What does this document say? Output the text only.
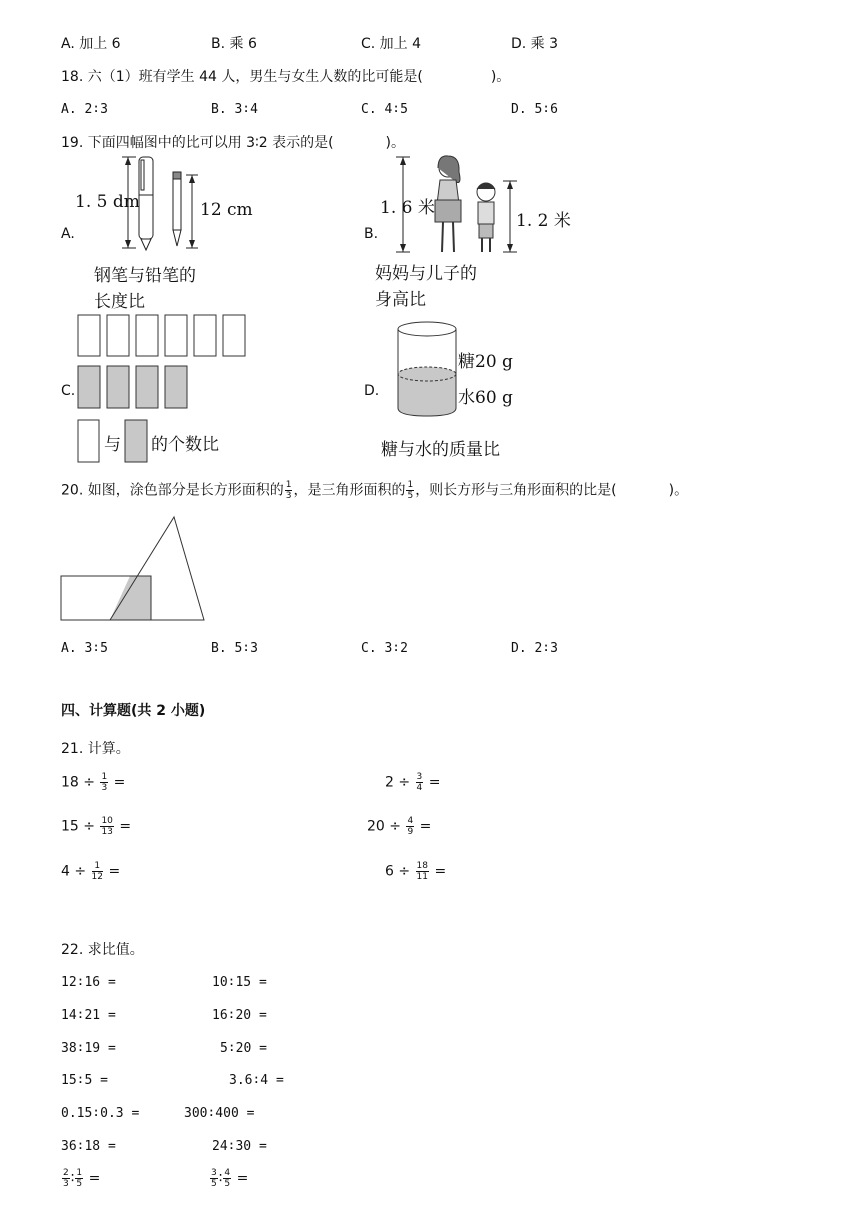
A. 加上 6	B. 乘 6	C. 加上 4	D. 乘 3
18. 六（1）班有学生 44 人，男生与女生人数的比可能是(	)。
A. 2∶3	B. 3∶4	C. 4∶5	D. 5∶6
19. 下面四幅图中的比可以用 3∶2 表示的是(	)。
A.
1. 5 dm	12 cm
钢笔与铅笔的
长度比
B.
1. 6 米
1. 2 米
妈妈与儿子的
身高比
C.
与 的个数比
D.
糖20 g
水60 g
糖与水的质量比
20. 如图，涂色部分是长方形面积的 $\frac{1}{3}$ ，是三角形面积的 $\frac{1}{5}$ ，则长方形与三角形面积的比是(	)。
A. 3∶5	B. 5∶3	C. 3∶2	D. 2∶3
四、计算题(共 2 小题)
21. 计算。
$18 \div \frac{1}{3}$ =	$2 \div \frac{3}{4}$ =
$15 \div \frac{10}{13}$ =	$20 \div \frac{4}{9}$ =
$4 \div \frac{1}{12}$ =	$6 \div \frac{18}{11}$ =
22. 求比值。
12∶16 =	10∶15 =
14∶21 =	16∶20 =
38∶19 =	5∶20 =
15∶5 =	3.6∶4 =
0.15∶0.3 =	300∶400 =
36∶18 =	24∶30 =
$\frac{2}{3}$ ∶ $\frac{1}{5}$ =	$\frac{3}{5}$ ∶ $\frac{4}{5}$ =
